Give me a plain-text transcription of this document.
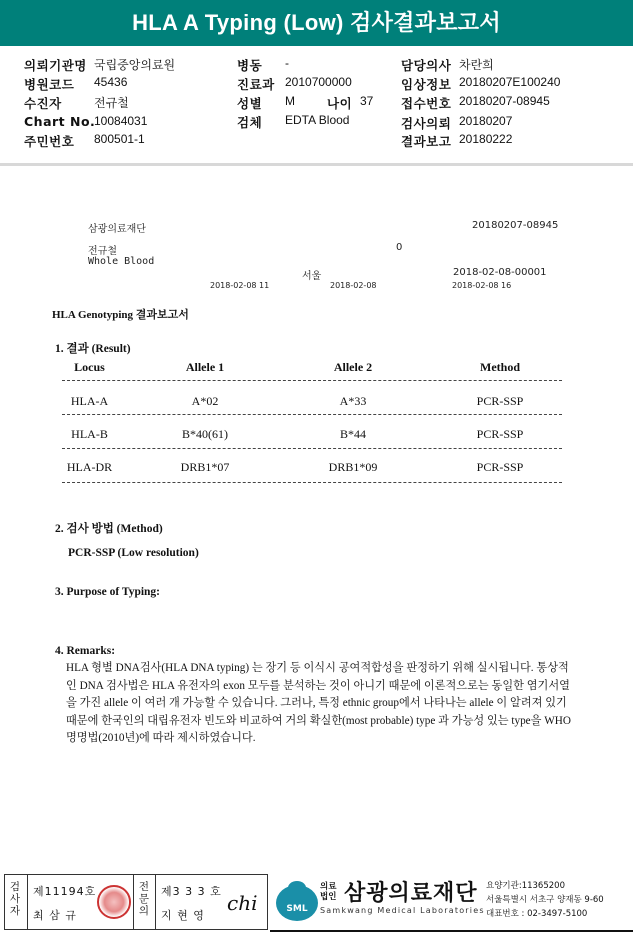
HLA A Typing (Low) 검사결과보고서
의뢰기관명 국립중앙의료원
병원코드 45436
수진자	전규철
Chart No.
10084031
주민번호 800501-1
병동 -
진료과 2010700000
성별 M	나이 37
검체 EDTA Blood
담당의사 차란희
임상정보 20180207E100240
접수번호 20180207-08945
검사의뢰 20180207
결과보고 20180222
삼광의료재단	20180207-08945
전규철	0
Whole Blood
서울	2018-02-08-00001
2018-02-08 11	2018-02-08	2018-02-08 16
HLA Genotyping 결과보고서
1. 결과 (Result)
Locus	Allele 1	Allele 2	Method
HLA-A	A*02	A*33	PCR-SSP
HLA-B	B*40(61)	B*44	PCR-SSP
HLA-DR	DRB1*07	DRB1*09	PCR-SSP
2. 검사 방법 (Method)
PCR-SSP (Low resolution)
3. Purpose of Typing:
4. Remarks:
HLA 형별 DNA검사(HLA DNA typing) 는 장기 등 이식시 공여적합성을 판정하기 위해 실시됩니다. 통상적인 DNA 검사법은 HLA 유전자의 exon 모두를 분석하는 것이 아니기 때문에 이론적으로는 동일한 염기서열을 가진 allele 이 여러 개 가능할 수 있습니다. 그러나, 특정 ethnic group에서 나타나는 allele 이 알려져 있기 때문에 한국인의 대립유전자 빈도와 비교하여 거의 확실한(most probable) type 과 가능성 있는 type을 WHO 명명법(2010년)에 따라 제시하였습니다.
검사자
제11194호
최 삼 규
전문의
제3 3 3 호
지 현 영
chi	SML
의료
법인 삼광의료재단
Samkwang Medical Laboratories
요양기관:11365200
서울특별시 서초구 양재동 9-60
대표번호 : 02-3497-5100
